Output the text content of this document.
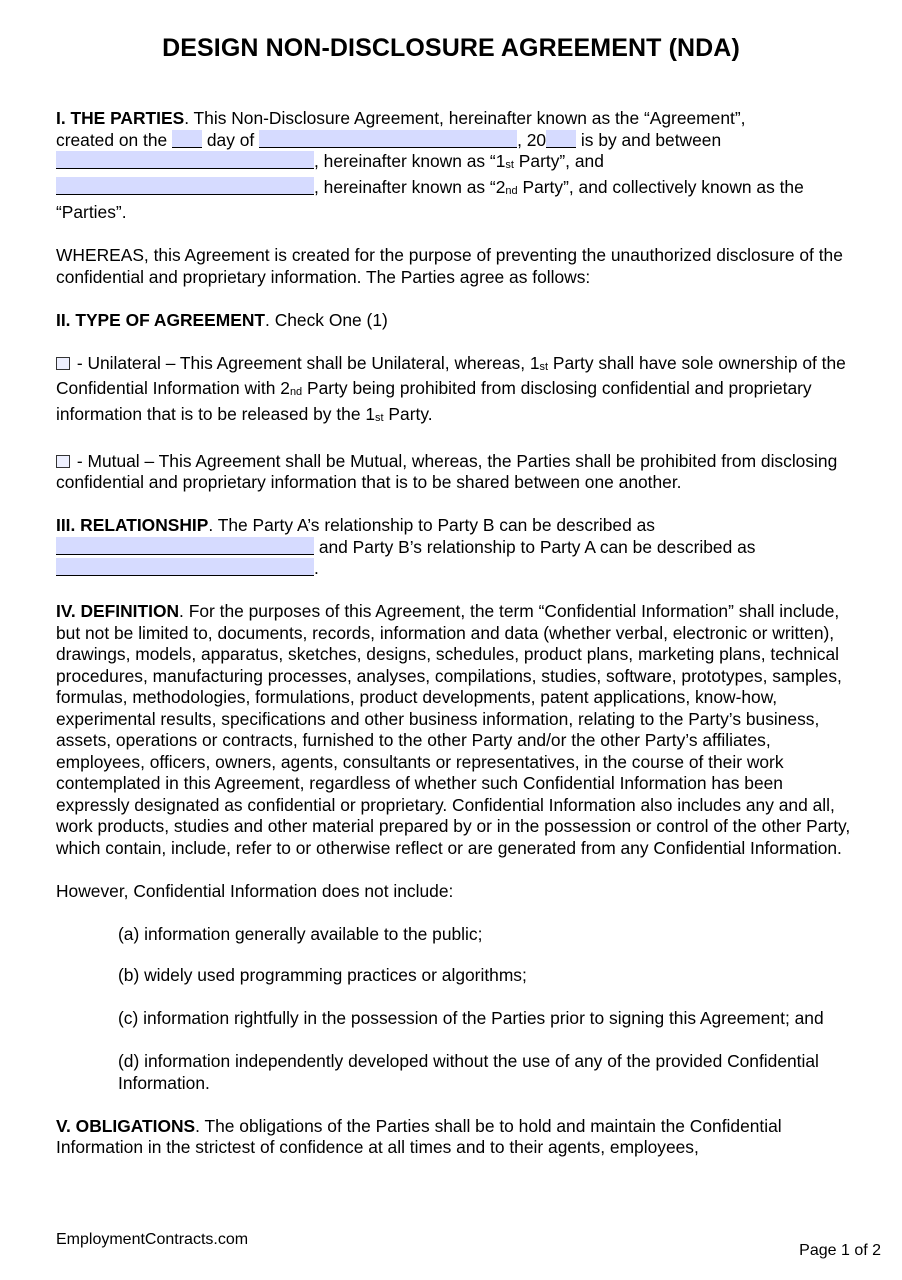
DESIGN NON-DISCLOSURE AGREEMENT (NDA)

I. THE PARTIES. This Non-Disclosure Agreement, hereinafter known as the “Agreement”,
created on the  day of	, 20 is by and between
, hereinafter known as “1st Party”, and
, hereinafter known as “2nd Party”, and collectively known as the
“Parties”.

WHEREAS, this Agreement is created for the purpose of preventing the unauthorized disclosure of the confidential and proprietary information. The Parties agree as follows:

II. TYPE OF AGREEMENT. Check One (1)

- Unilateral – This Agreement shall be Unilateral, whereas, 1st Party shall have sole ownership of the Confidential Information with 2nd Party being prohibited from disclosing confidential and proprietary information that is to be released by the 1st Party.

- Mutual – This Agreement shall be Mutual, whereas, the Parties shall be prohibited from disclosing confidential and proprietary information that is to be shared between one another.

III. RELATIONSHIP. The Party A’s relationship to Party B can be described as
and Party B’s relationship to Party A can be described as
.

IV. DEFINITION. For the purposes of this Agreement, the term “Confidential Information” shall include, but not be limited to, documents, records, information and data (whether verbal, electronic or written), drawings, models, apparatus, sketches, designs, schedules, product plans, marketing plans, technical procedures, manufacturing processes, analyses, compilations, studies, software, prototypes, samples, formulas, methodologies, formulations, product developments, patent applications, know-how, experimental results, specifications and other business information, relating to the Party’s business, assets, operations or contracts, furnished to the other Party and/or the other Party’s affiliates, employees, officers, owners, agents, consultants or representatives, in the course of their work contemplated in this Agreement, regardless of whether such Confidential Information has been expressly designated as confidential or proprietary. Confidential Information also includes any and all, work products, studies and other material prepared by or in the possession or control of the other Party, which contain, include, refer to or otherwise reflect or are generated from any Confidential Information.

However, Confidential Information does not include:

(a) information generally available to the public;

(b) widely used programming practices or algorithms;

(c) information rightfully in the possession of the Parties prior to signing this Agreement; and

(d) information independently developed without the use of any of the provided Confidential Information.

V. OBLIGATIONS. The obligations of the Parties shall be to hold and maintain the Confidential Information in the strictest of confidence at all times and to their agents, employees,

EmploymentContracts.com
Page 1 of 2
